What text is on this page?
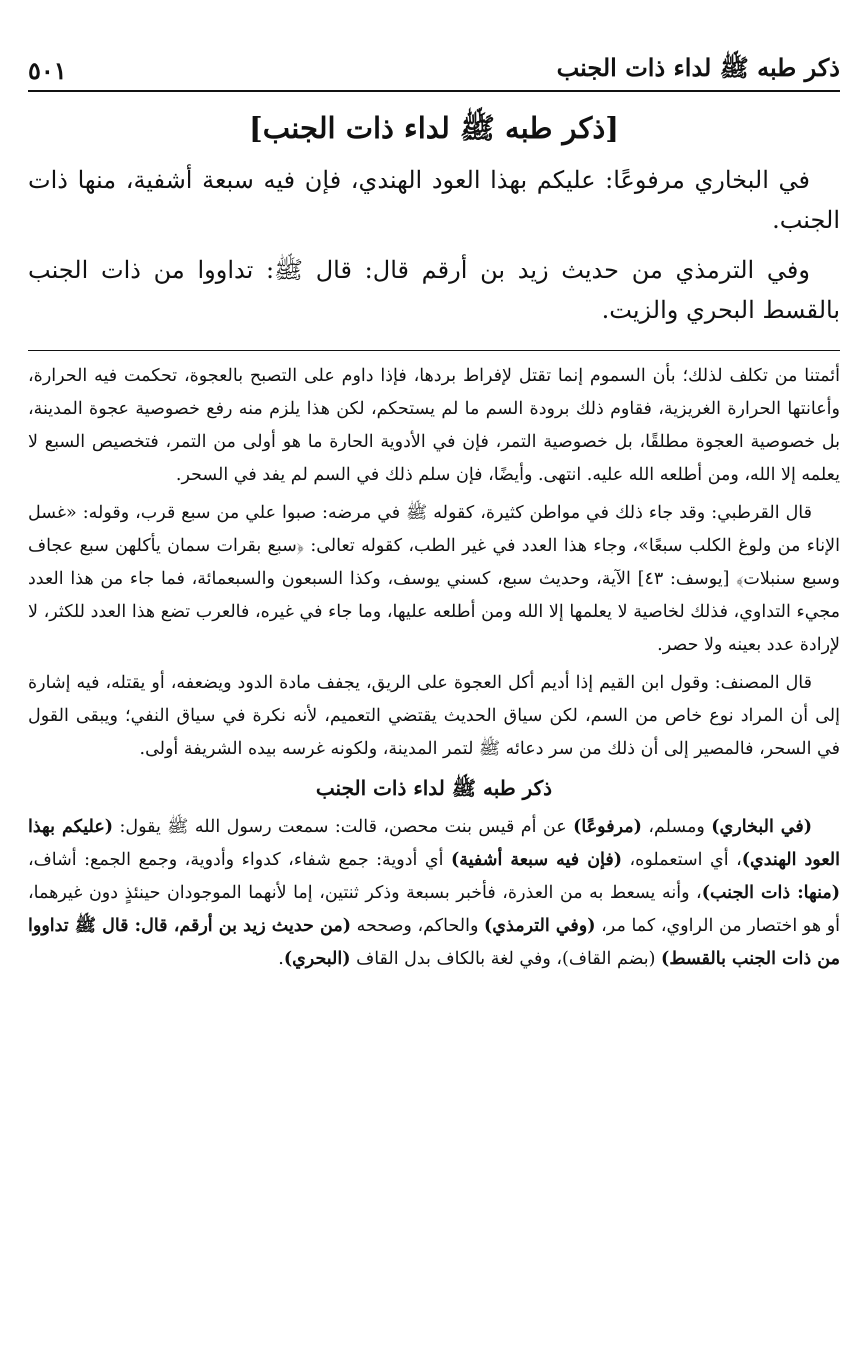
ذكر طبه ﷺ لداء ذات الجنب
٥٠١
[ذكر طبه ﷺ لداء ذات الجنب]

في البخاري مرفوعًا: عليكم بهذا العود الهندي، فإن فيه سبعة أشفية، منها ذات الجنب.

وفي الترمذي من حديث زيد بن أرقم قال: قال ﷺ: تداووا من ذات الجنب بالقسط البحري والزيت.

أئمتنا من تكلف لذلك؛ بأن السموم إنما تقتل لإفراط بردها، فإذا داوم على التصبح بالعجوة، تحكمت فيه الحرارة، وأعانتها الحرارة الغريزية، فقاوم ذلك برودة السم ما لم يستحكم، لكن هذا يلزم منه رفع خصوصية عجوة المدينة، بل خصوصية العجوة مطلقًا، بل خصوصية التمر، فإن في الأدوية الحارة ما هو أولى من التمر، فتخصيص السبع لا يعلمه إلا الله، ومن أطلعه الله عليه. انتهى. وأيضًا، فإن سلم ذلك في السم لم يفد في السحر.

قال القرطبي: وقد جاء ذلك في مواطن كثيرة، كقوله ﷺ في مرضه: صبوا علي من سبع قرب، وقوله: «غسل الإناء من ولوغ الكلب سبعًا»، وجاء هذا العدد في غير الطب، كقوله تعالى: ﴿سبع بقرات سمان يأكلهن سبع عجاف وسبع سنبلات﴾ [يوسف: ٤٣] الآية، وحديث سبع، كسني يوسف، وكذا السبعون والسبعمائة، فما جاء من هذا العدد مجيء التداوي، فذلك لخاصية لا يعلمها إلا الله ومن أطلعه عليها، وما جاء في غيره، فالعرب تضع هذا العدد للكثر، لا لإرادة عدد بعينه ولا حصر.

قال المصنف: وقول ابن القيم إذا أديم أكل العجوة على الريق، يجفف مادة الدود ويضعفه، أو يقتله، فيه إشارة إلى أن المراد نوع خاص من السم، لكن سياق الحديث يقتضي التعميم، لأنه نكرة في سياق النفي؛ ويبقى القول في السحر، فالمصير إلى أن ذلك من سر دعائه ﷺ لتمر المدينة، ولكونه غرسه بيده الشريفة أولى.

ذكر طبه ﷺ لداء ذات الجنب

(في البخاري) ومسلم، (مرفوعًا) عن أم قيس بنت محصن، قالت: سمعت رسول الله ﷺ يقول: (عليكم بهذا العود الهندي)، أي استعملوه، (فإن فيه سبعة أشفية) أي أدوية: جمع شفاء، كدواء وأدوية، وجمع الجمع: أشاف، (منها: ذات الجنب)، وأنه يسعط به من العذرة، فأخبر بسبعة وذكر ثنتين، إما لأنهما الموجودان حينئذٍ دون غيرهما، أو هو اختصار من الراوي، كما مر، (وفي الترمذي) والحاكم، وصححه (من حديث زيد بن أرقم، قال: قال ﷺ تداووا من ذات الجنب بالقسط) (بضم القاف)، وفي لغة بالكاف بدل القاف (البحري).
